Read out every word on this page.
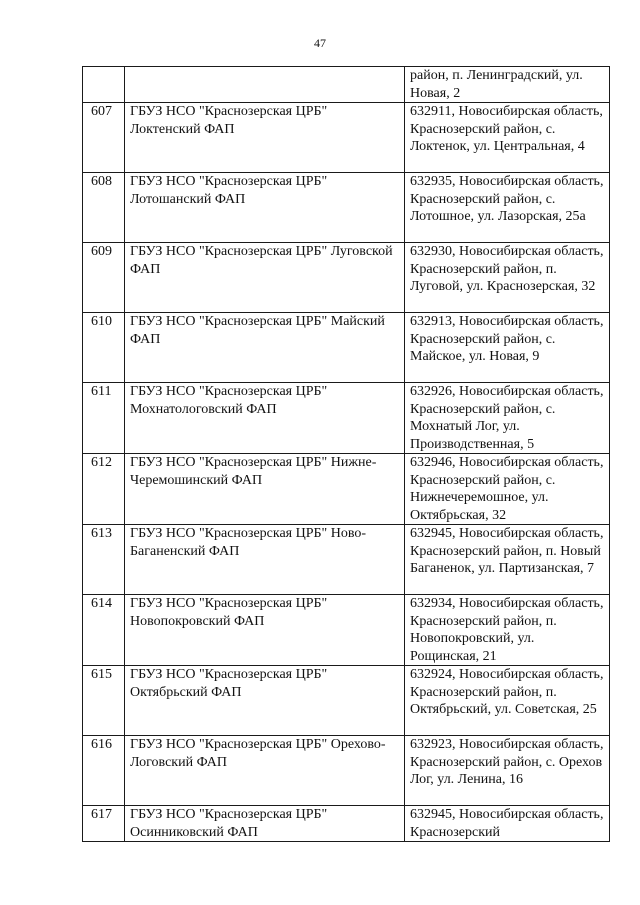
47
		район, п. Ленинградский, ул. Новая, 2
607	ГБУЗ НСО "Краснозерская ЦРБ" Локтенский ФАП	632911, Новосибирская область, Краснозерский район, с. Локтенок, ул. Центральная, 4
608	ГБУЗ НСО "Краснозерская ЦРБ" Лотошанский ФАП	632935, Новосибирская область, Краснозерский район, с. Лотошное, ул. Лазорская, 25а
609	ГБУЗ НСО "Краснозерская ЦРБ" Луговской ФАП	632930, Новосибирская область, Краснозерский район, п. Луговой, ул. Краснозерская, 32
610	ГБУЗ НСО "Краснозерская ЦРБ" Майский ФАП	632913, Новосибирская область, Краснозерский район, с. Майское, ул. Новая, 9
611	ГБУЗ НСО "Краснозерская ЦРБ" Мохнатологовский ФАП	632926, Новосибирская область, Краснозерский район, с. Мохнатый Лог, ул. Производственная, 5
612	ГБУЗ НСО "Краснозерская ЦРБ" Нижне-Черемошинский ФАП	632946, Новосибирская область, Краснозерский район, с. Нижнечеремошное, ул. Октябрьская, 32
613	ГБУЗ НСО "Краснозерская ЦРБ" Ново-Баганенский ФАП	632945, Новосибирская область, Краснозерский район, п. Новый Баганенок, ул. Партизанская, 7
614	ГБУЗ НСО "Краснозерская ЦРБ" Новопокровский ФАП	632934, Новосибирская область, Краснозерский район, п. Новопокровский, ул. Рощинская, 21
615	ГБУЗ НСО "Краснозерская ЦРБ" Октябрьский ФАП	632924, Новосибирская область, Краснозерский район, п. Октябрьский, ул. Советская, 25
616	ГБУЗ НСО "Краснозерская ЦРБ" Орехово-Логовский ФАП	632923, Новосибирская область, Краснозерский район, с. Орехов Лог, ул. Ленина, 16
617	ГБУЗ НСО "Краснозерская ЦРБ" Осинниковский ФАП	632945, Новосибирская область, Краснозерский
